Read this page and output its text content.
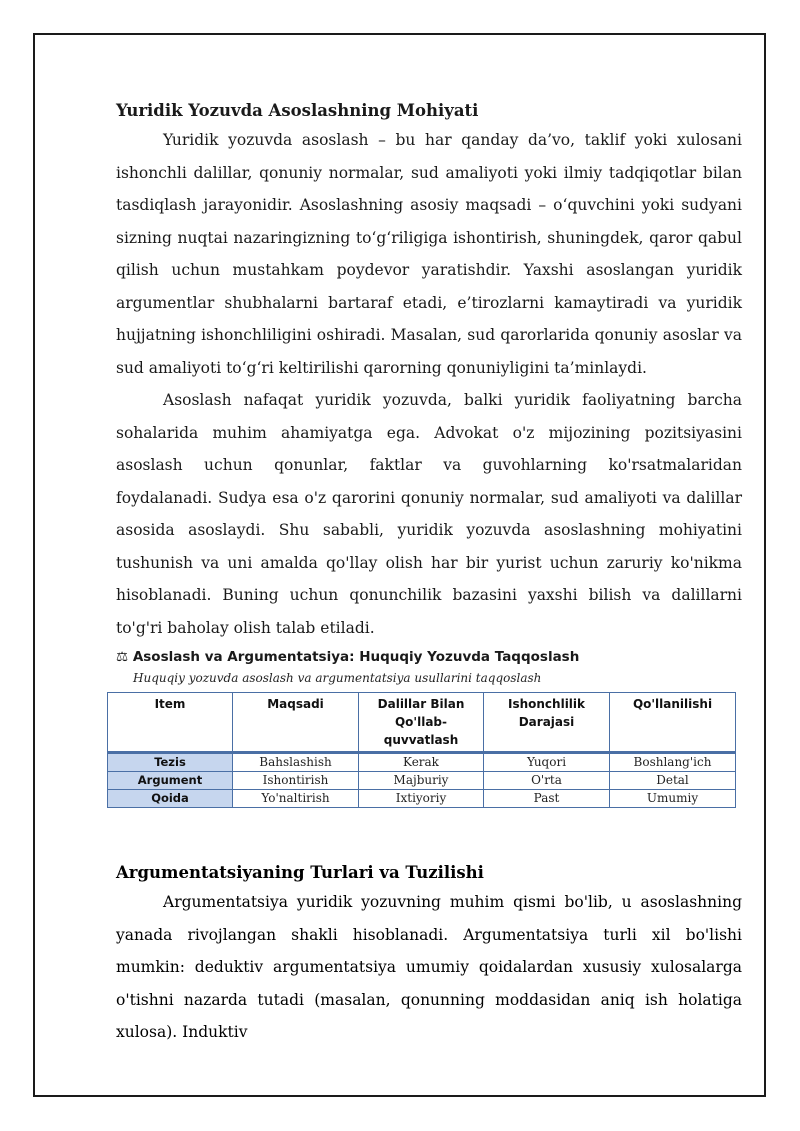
Yuridik Yozuvda Asoslashning Mohiyati

Yuridik yozuvda asoslash – bu har qanday da’vo, taklif yoki xulosani ishonchli dalillar, qonuniy normalar, sud amaliyoti yoki ilmiy tadqiqotlar bilan tasdiqlash jarayonidir. Asoslashning asosiy maqsadi – o‘quvchini yoki sudyani sizning nuqtai nazaringizning to‘g‘riligiga ishontirish, shuningdek, qaror qabul qilish uchun mustahkam poydevor yaratishdir. Yaxshi asoslangan yuridik argumentlar shubhalarni bartaraf etadi, e’tirozlarni kamaytiradi va yuridik hujjatning ishonchliligini oshiradi. Masalan, sud qarorlarida qonuniy asoslar va sud amaliyoti to‘g‘ri keltirilishi qarorning qonuniyligini ta’minlaydi.

Asoslash nafaqat yuridik yozuvda, balki yuridik faoliyatning barcha sohalarida muhim ahamiyatga ega. Advokat o'z mijozining pozitsiyasini asoslash uchun qonunlar, faktlar va guvohlarning ko'rsatmalaridan foydalanadi. Sudya esa o'z qarorini qonuniy normalar, sud amaliyoti va dalillar asosida asoslaydi. Shu sababli, yuridik yozuvda asoslashning mohiyatini tushunish va uni amalda qo'llay olish har bir yurist uchun zaruriy ko'nikma hisoblanadi. Buning uchun qonunchilik bazasini yaxshi bilish va dalillarni to'g'ri baholay olish talab etiladi.

⚖ Asoslash va Argumentatsiya: Huquqiy Yozuvda Taqqoslash
Huquqiy yozuvda asoslash va argumentatsiya usullarini taqqoslash
Item	Maqsadi	Dalillar Bilan Qo'llab-quvvatlash	Ishonchlilik Darajasi	Qo'llanilishi
Tezis	Bahslashish	Kerak	Yuqori	Boshlang'ich
Argument	Ishontirish	Majburiy	O'rta	Detal
Qoida	Yo'naltirish	Ixtiyoriy	Past	Umumiy
Argumentatsiyaning Turlari va Tuzilishi

Argumentatsiya yuridik yozuvning muhim qismi bo'lib, u asoslashning yanada rivojlangan shakli hisoblanadi. Argumentatsiya turli xil bo'lishi mumkin: deduktiv argumentatsiya umumiy qoidalardan xususiy xulosalarga o'tishni nazarda tutadi (masalan, qonunning moddasidan aniq ish holatiga xulosa). Induktiv
